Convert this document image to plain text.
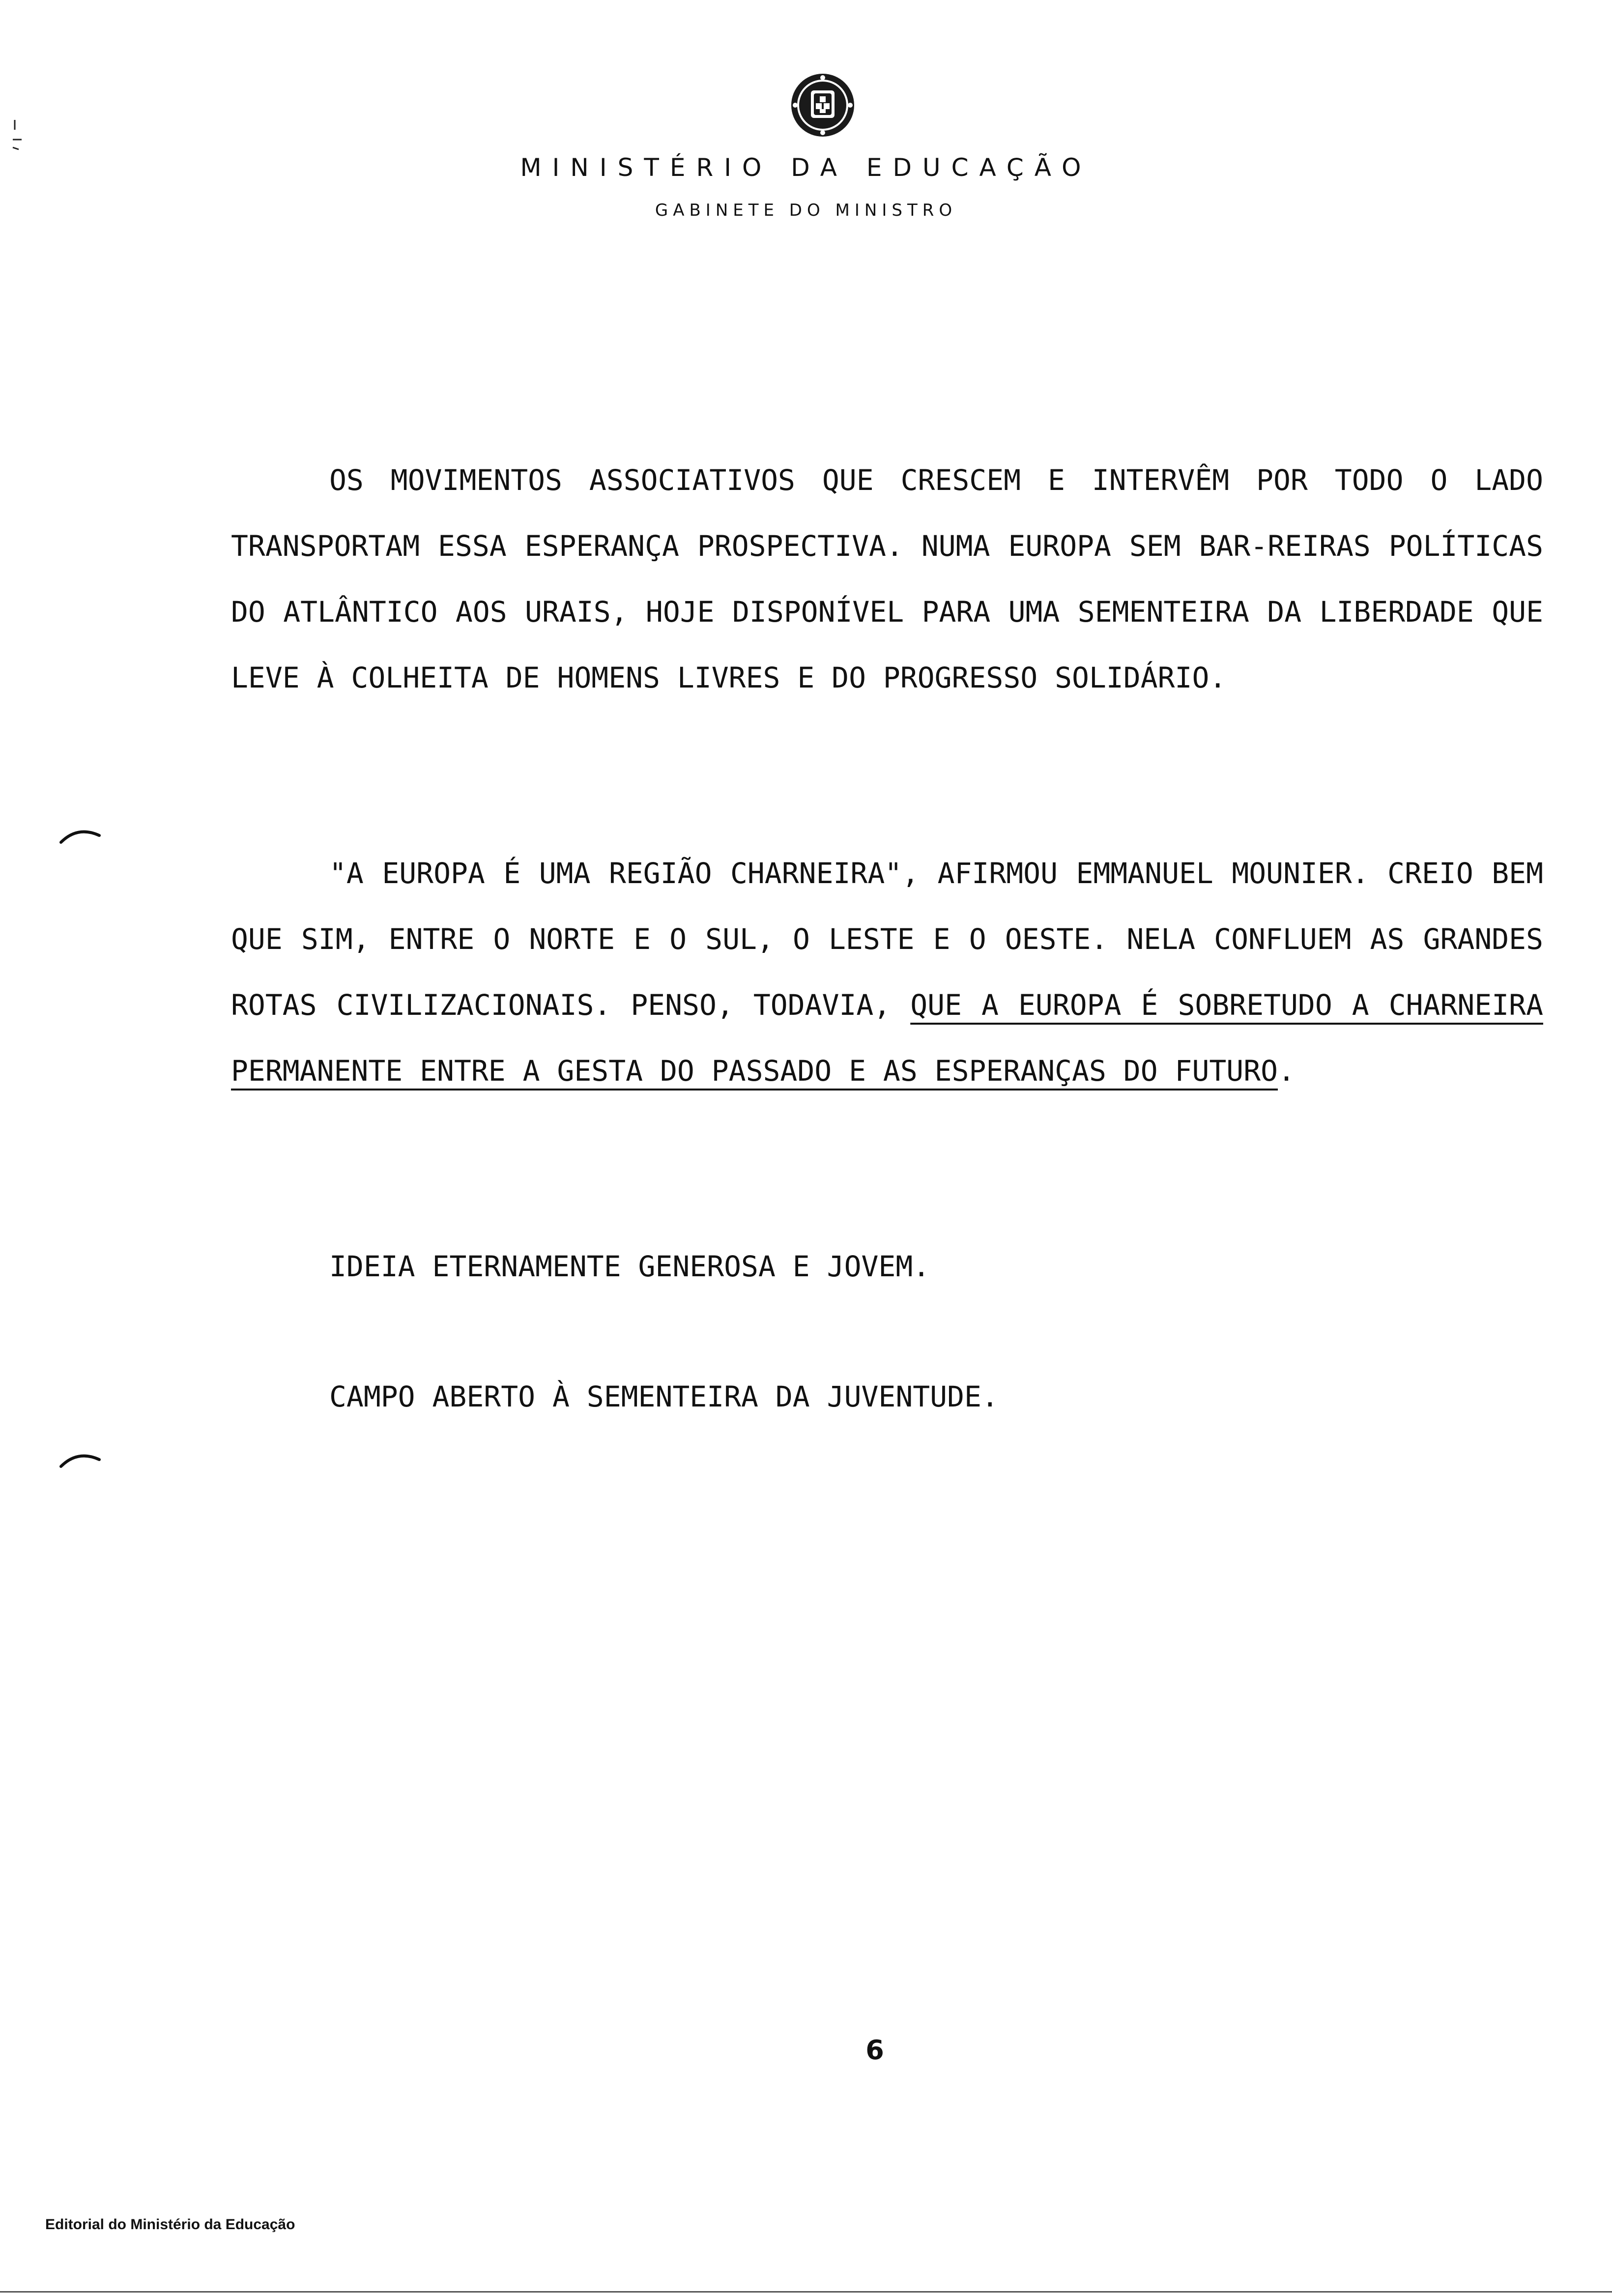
MINISTÉRIO DA EDUCAÇÃO
GABINETE DO MINISTRO
OS MOVIMENTOS ASSOCIATIVOS QUE CRESCEM E INTERVÊM POR TODO O LADO TRANSPORTAM ESSA ESPERANÇA PROSPECTIVA. NUMA EUROPA SEM BAR-REIRAS POLÍTICAS DO ATLÂNTICO AOS URAIS, HOJE DISPONÍVEL PARA UMA SEMENTEIRA DA LIBERDADE QUE LEVE À COLHEITA DE HOMENS LIVRES E DO PROGRESSO SOLIDÁRIO.
"A EUROPA É UMA REGIÃO CHARNEIRA", AFIRMOU EMMANUEL MOUNIER. CREIO BEM QUE SIM, ENTRE O NORTE E O SUL, O LESTE E O OESTE. NELA CONFLUEM AS GRANDES ROTAS CIVILIZACIONAIS. PENSO, TODAVIA, QUE A EUROPA É SOBRETUDO A CHARNEIRA PERMANENTE ENTRE A GESTA DO PASSADO E AS ESPERANÇAS DO FUTURO.
IDEIA ETERNAMENTE GENEROSA E JOVEM.
CAMPO ABERTO À SEMENTEIRA DA JUVENTUDE.
6
Editorial do Ministério da Educação
